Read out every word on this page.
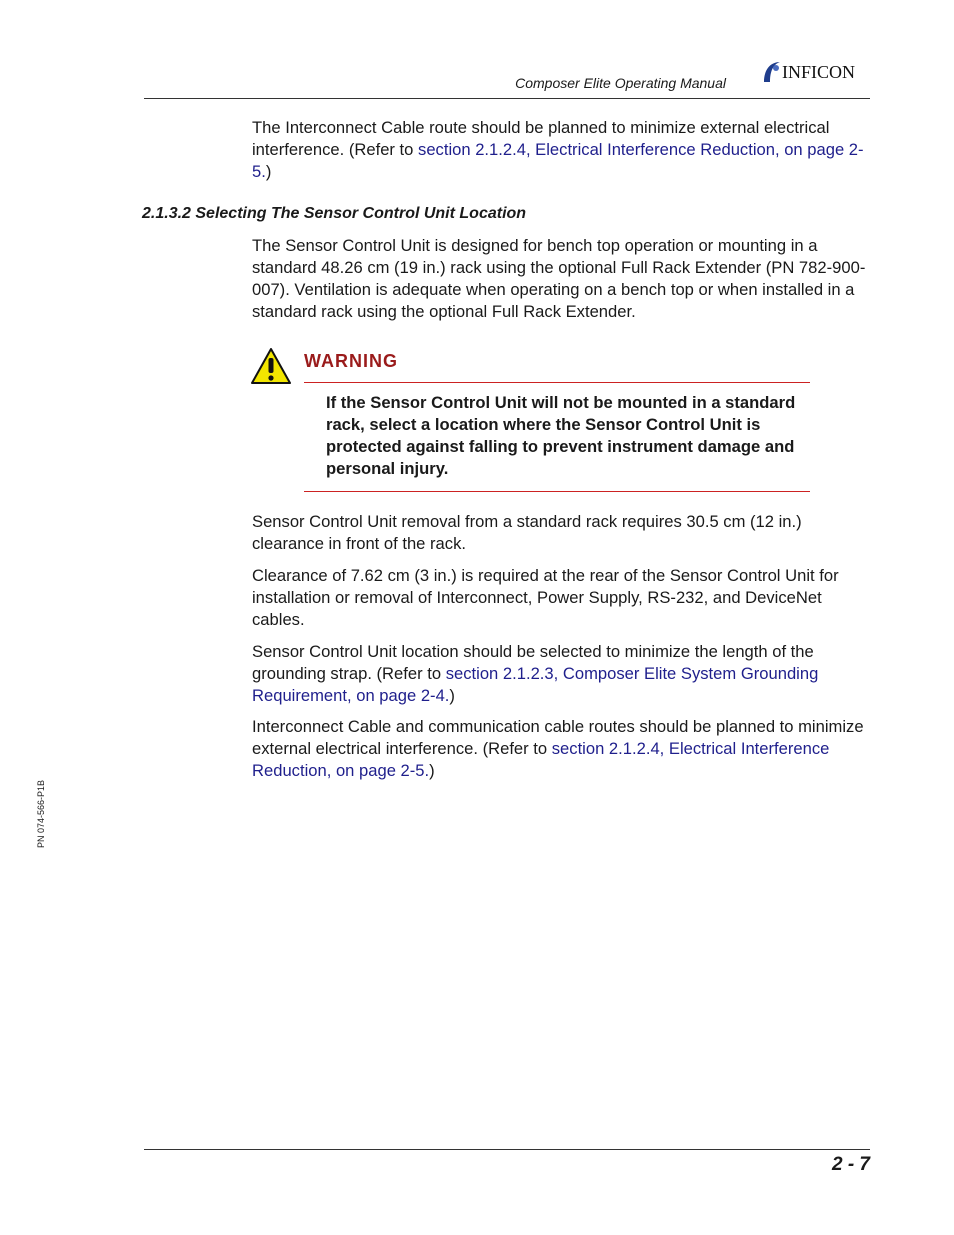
Composer Elite Operating Manual
INFICON

The Interconnect Cable route should be planned to minimize external electrical interference. (Refer to section 2.1.2.4, Electrical Interference Reduction, on page 2-5.)

2.1.3.2 Selecting The Sensor Control Unit Location

The Sensor Control Unit is designed for bench top operation or mounting in a standard 48.26 cm (19 in.) rack using the optional Full Rack Extender (PN 782-900-007). Ventilation is adequate when operating on a bench top or when installed in a standard rack using the optional Full Rack Extender.

WARNING

If the Sensor Control Unit will not be mounted in a standard rack, select a location where the Sensor Control Unit is protected against falling to prevent instrument damage and personal injury.

Sensor Control Unit removal from a standard rack requires 30.5 cm (12 in.) clearance in front of the rack.

Clearance of 7.62 cm (3 in.) is required at the rear of the Sensor Control Unit for installation or removal of Interconnect, Power Supply, RS-232, and DeviceNet cables.

Sensor Control Unit location should be selected to minimize the length of the grounding strap. (Refer to section 2.1.2.3, Composer Elite System Grounding Requirement, on page 2-4.)

Interconnect Cable and communication cable routes should be planned to minimize external electrical interference. (Refer to section 2.1.2.4, Electrical Interference Reduction, on page 2-5.)

PN 074-566-P1B
2 - 7
